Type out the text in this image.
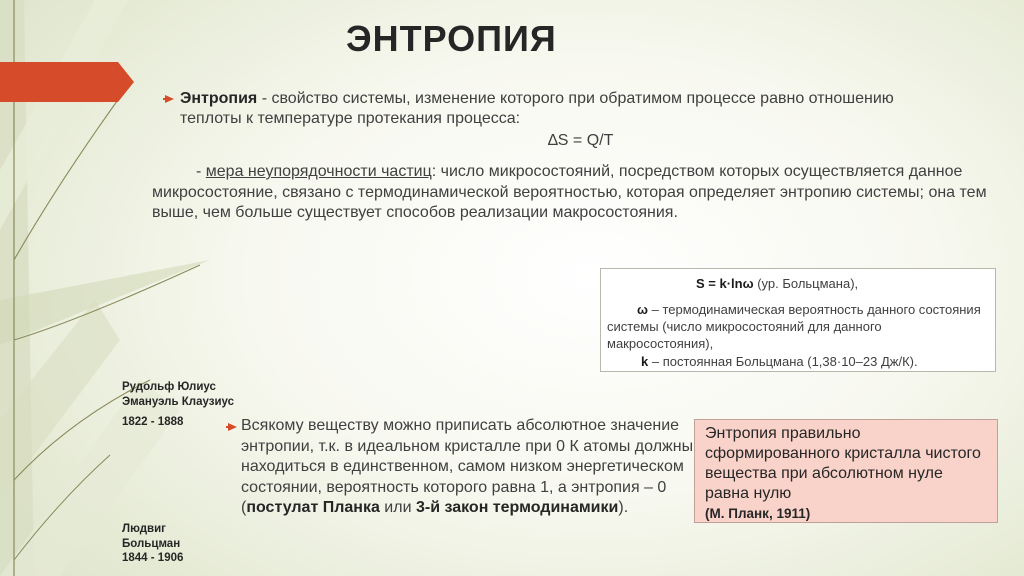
ЭНТРОПИЯ
Энтропия - свойство системы, изменение которого при обратимом процессе равно отношению теплоты к температуре протекания процесса:
∆S = Q/T
- мера неупорядочности частиц: число микросостояний, посредством которых осуществляется данное микросостояние, связано с термодинамической вероятностью, которая определяет энтропию системы; она тем выше, чем больше существует способов реализации макросостояния.
S = k·lnω (ур. Больцмана),
ω – термодинамическая вероятность данного состояния системы (число микросостояний для данного макросостояния),
k – постоянная Больцмана (1,38·10–23 Дж/К).
Рудольф Юлиус Эмануэль Клаузиус
1822 - 1888
Людвиг Больцман
1844 - 1906
Всякому веществу можно приписать абсолютное значение энтропии, т.к. в идеальном кристалле при 0 К атомы должны находиться в единственном, самом низком энергетическом состоянии, вероятность которого равна 1, а энтропия – 0 (постулат Планка или 3-й закон термодинамики).
Энтропия правильно сформированного кристалла чистого вещества при абсолютном нуле равна нулю
(М. Планк, 1911)
